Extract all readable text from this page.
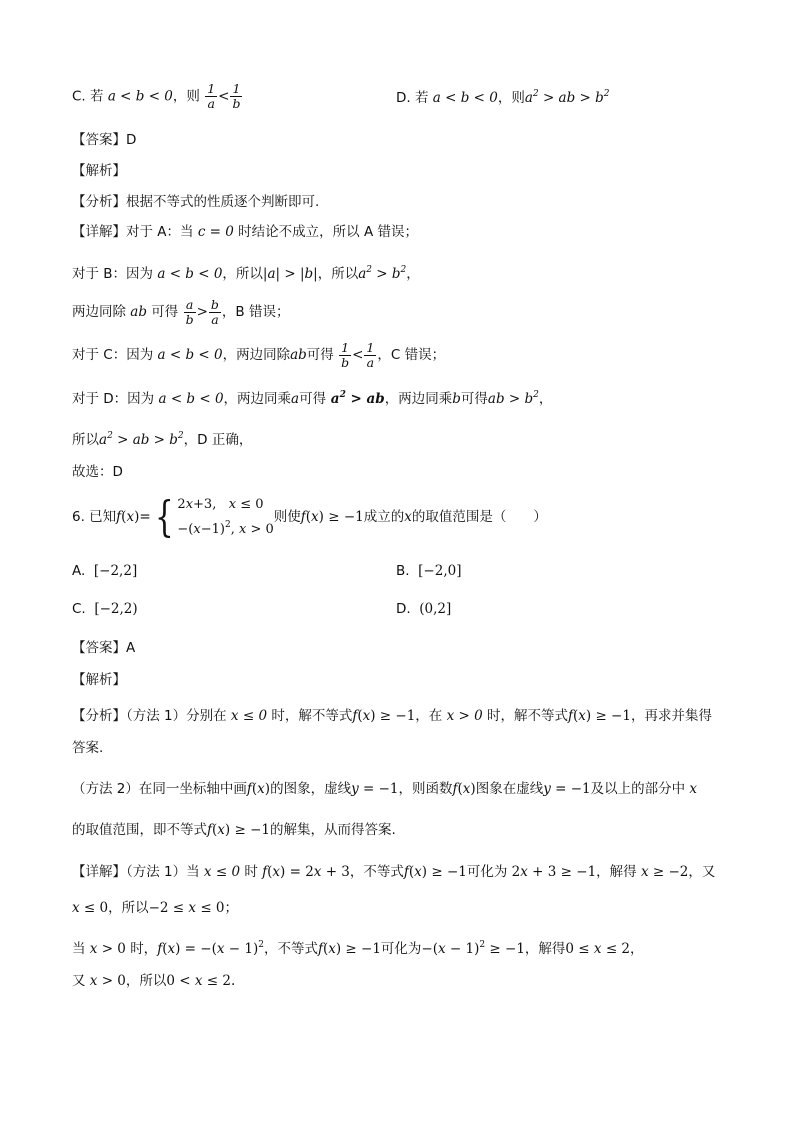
C. 若 a < b < 0，则 $\frac{1}{a} < \frac{1}{b}$	D. 若 a < b < 0，则$a^2$ > ab > $b^2$
【答案】D
【解析】
【分析】根据不等式的性质逐个判断即可.
【详解】对于 A：当 c = 0 时结论不成立，所以 A 错误；
对于 B：因为 a < b < 0，所以|a| > |b|，所以$a^2 > b^2$，
两边同除 ab 可得 $\frac{a}{b} > \frac{b}{a}$ ，B 错误；
对于 C：因为 a < b < 0，两边同除ab可得 $\frac{1}{b} < \frac{1}{a}$ ，C 错误；
对于 D：因为 a < b < 0，两边同乘a可得 $a^2$ > ab，两边同乘b可得ab > $b^2$，
所以$a^2$ > ab > $b^2$，D 正确，
故选：D
6. 已知f(x)={ 2x+3, x ≤ 0
$-(x-1)^2$, x > 0
则使f(x) ≥ −1成立的x的取值范围是（　　）
A. [−2,2]	B. [−2,0]
C. [−2,2)	D. (0,2]
【答案】A
【解析】
【分析】（方法 1）分别在 x ≤ 0 时，解不等式f(x) ≥ −1，在 x > 0 时，解不等式f(x) ≥ −1，再求并集得
答案.
（方法 2）在同一坐标轴中画f(x)的图象，虚线y = −1，则函数f(x)图象在虚线y = −1及以上的部分中 x
的取值范围，即不等式f(x) ≥ −1的解集，从而得答案.
【详解】（方法 1）当 x ≤ 0 时 f(x) = 2x + 3，不等式f(x) ≥ −1可化为 2x + 3 ≥ −1，解得 x ≥ −2，又
x ≤ 0，所以−2 ≤ x ≤ 0；
当 x > 0 时，$f(x) = -(x - 1)^2$，不等式f(x) ≥ −1可化为$-(x - 1)^2 \ge -1$，解得0 ≤ x ≤ 2，
又 x > 0，所以0 < x ≤ 2.
